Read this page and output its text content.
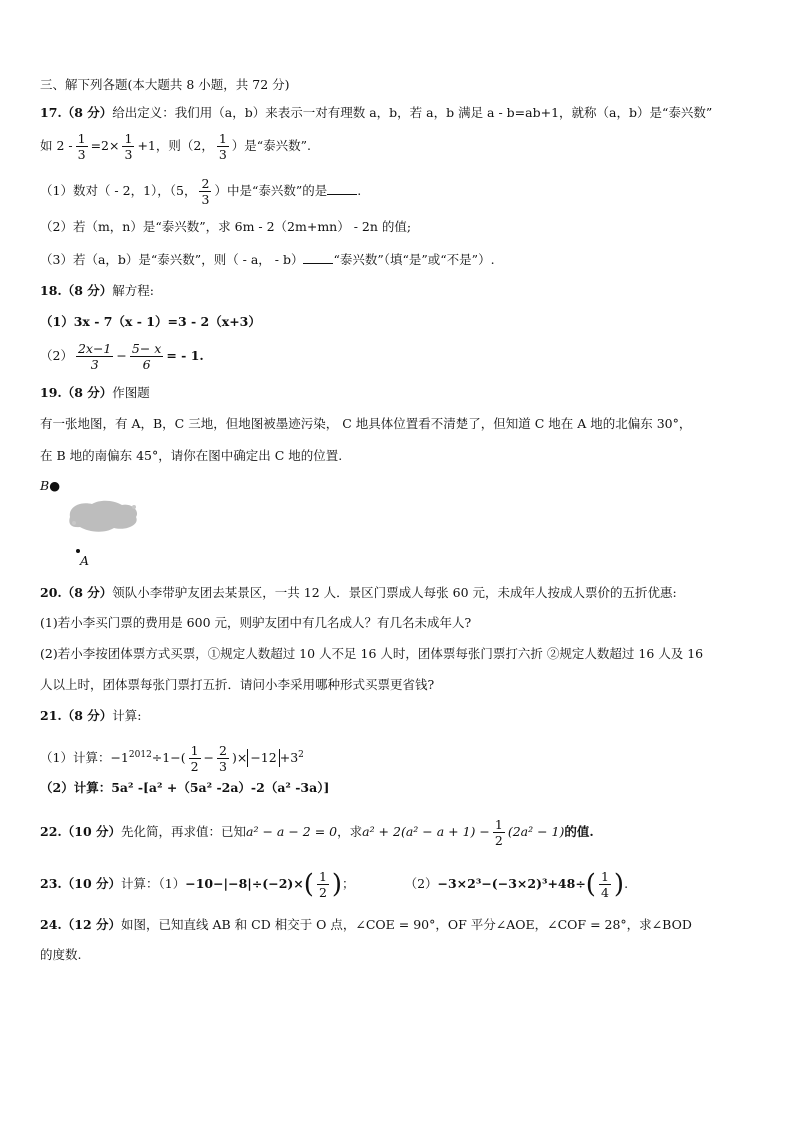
三、解下列各题(本大题共 8 小题，共 72 分)
17.（8 分）给出定义：我们用（a，b）来表示一对有理数 a，b，若 a，b 满足 a - b=ab+1，就称（a，b）是“泰兴数”
如 $2 - \frac{1}{3} =2\times \frac{1}{3} +1$，则（2， $\frac{1}{3}$ ）是“泰兴数”.
（1）数对（ - 2，1），（5， $\frac{2}{3}$ ）中是“泰兴数”的是 .
（2）若（m，n）是“泰兴数”，求 6m - 2（2m+mn） - 2n 的值;
（3）若（a，b）是“泰兴数”，则（ - a， - b） “泰兴数”（填“是”或“不是”）.
18.（8 分）解方程:
（1）3x - 7（x - 1）=3 - 2（x+3）
$(2) \frac{2x-1}{3} - \frac{5- x}{6}$ = - 1.
19.（8 分）作图题
有一张地图，有 A，B，C 三地，但地图被墨迹污染， C 地具体位置看不清楚了，但知道 C 地在 A 地的北偏东 30°，
在 B 地的南偏东 45°，请你在图中确定出 C 地的位置.
B●
A
20.（8 分）领队小李带驴友团去某景区，一共 12 人．景区门票成人每张 60 元，未成年人按成人票价的五折优惠:
(1)若小李买门票的费用是 600 元，则驴友团中有几名成人？有几名未成年人?
(2)若小李按团体票方式买票，①规定人数超过 10 人不足 16 人时，团体票每张门票打六折 ②规定人数超过 16 人及 16
人以上时，团体票每张门票打五折．请问小李采用哪种形式买票更省钱?
21.（8 分）计算:
（1）计算：$-1^{2012}\div 1-( \frac{1}{2} - \frac{2}{3}$ )× $-12 +3^2$
（2）计算：5a² -[a² +（5a² -2a）-2（a² -3a）]
22.（10 分）先化简，再求值：已知a² − a − 2 = 0，求$a^2 + 2(a^2 - a + 1) - \frac{1}{2} (2a^2 - 1)$的值.
23.（10 分）计算：$(1)-10-|-8|\div(-2)\times( \frac{1}{2}$ )；	$(2)-3\times 2^3-(-3\times 2)^3+48\div( \frac{1}{4}$ ).
24.（12 分）如图，已知直线 AB 和 CD 相交于 O 点，∠COE = 90°，OF 平分∠AOE，∠COF = 28°，求∠BOD
的度数.
